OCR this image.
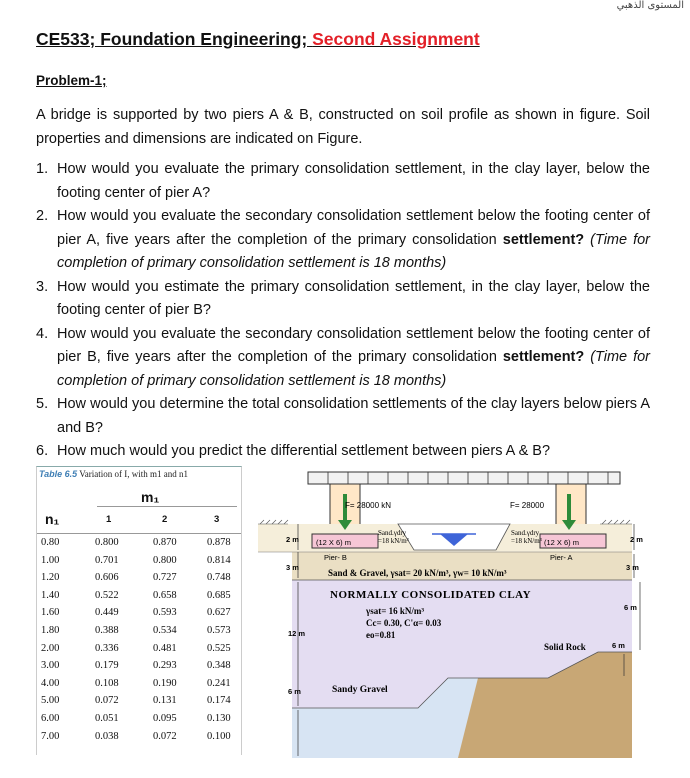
المستوى الذهبي
CE533; Foundation Engineering; Second Assignment
Problem-1;
A bridge is supported by two piers A & B, constructed on soil profile as shown in figure. Soil properties and dimensions are indicated on Figure.
1. How would you evaluate the primary consolidation settlement, in the clay layer, below the footing center of pier A?
2. How would you evaluate the secondary consolidation settlement below the footing center of pier A, five years after the completion of the primary consolidation settlement? (Time for completion of primary consolidation settlement is 18 months)
3. How would you estimate the primary consolidation settlement, in the clay layer, below the footing center of pier B?
4. How would you evaluate the secondary consolidation settlement below the footing center of pier B, five years after the completion of the primary consolidation settlement? (Time for completion of primary consolidation settlement is 18 months)
5. How would you determine the total consolidation settlements of the clay layers below piers A and B?
6. How much would you predict the differential settlement between piers A & B?
Table 6.5 Variation of I, with m1 and n1
m₁
n₁	1	2	3
0.80	0.800	0.870	0.878
1.00	0.701	0.800	0.814
1.20	0.606	0.727	0.748
1.40	0.522	0.658	0.685
1.60	0.449	0.593	0.627
1.80	0.388	0.534	0.573
2.00	0.336	0.481	0.525
3.00	0.179	0.293	0.348
4.00	0.108	0.190	0.241
5.00	0.072	0.131	0.174
6.00	0.051	0.095	0.130
7.00	0.038	0.072	0.100
F= 28000 kN	F= 28000
(12 X 6) m	(12 X 6) m
Pier- B	Pier- A
Sand.γdry
=18 kN/m³
Sand.γdry
=18 kN/m³
Sand & Gravel, γsat= 20 kN/m³, γw= 10 kN/m³
NORMALLY CONSOLIDATED CLAY
γsat= 16 kN/m³
Cc= 0.30, C'α= 0.03
eo=0.81
Solid Rock
Sandy Gravel
2 m
3 m
12 m
6 m
2 m
3 m
6 m
6 m
